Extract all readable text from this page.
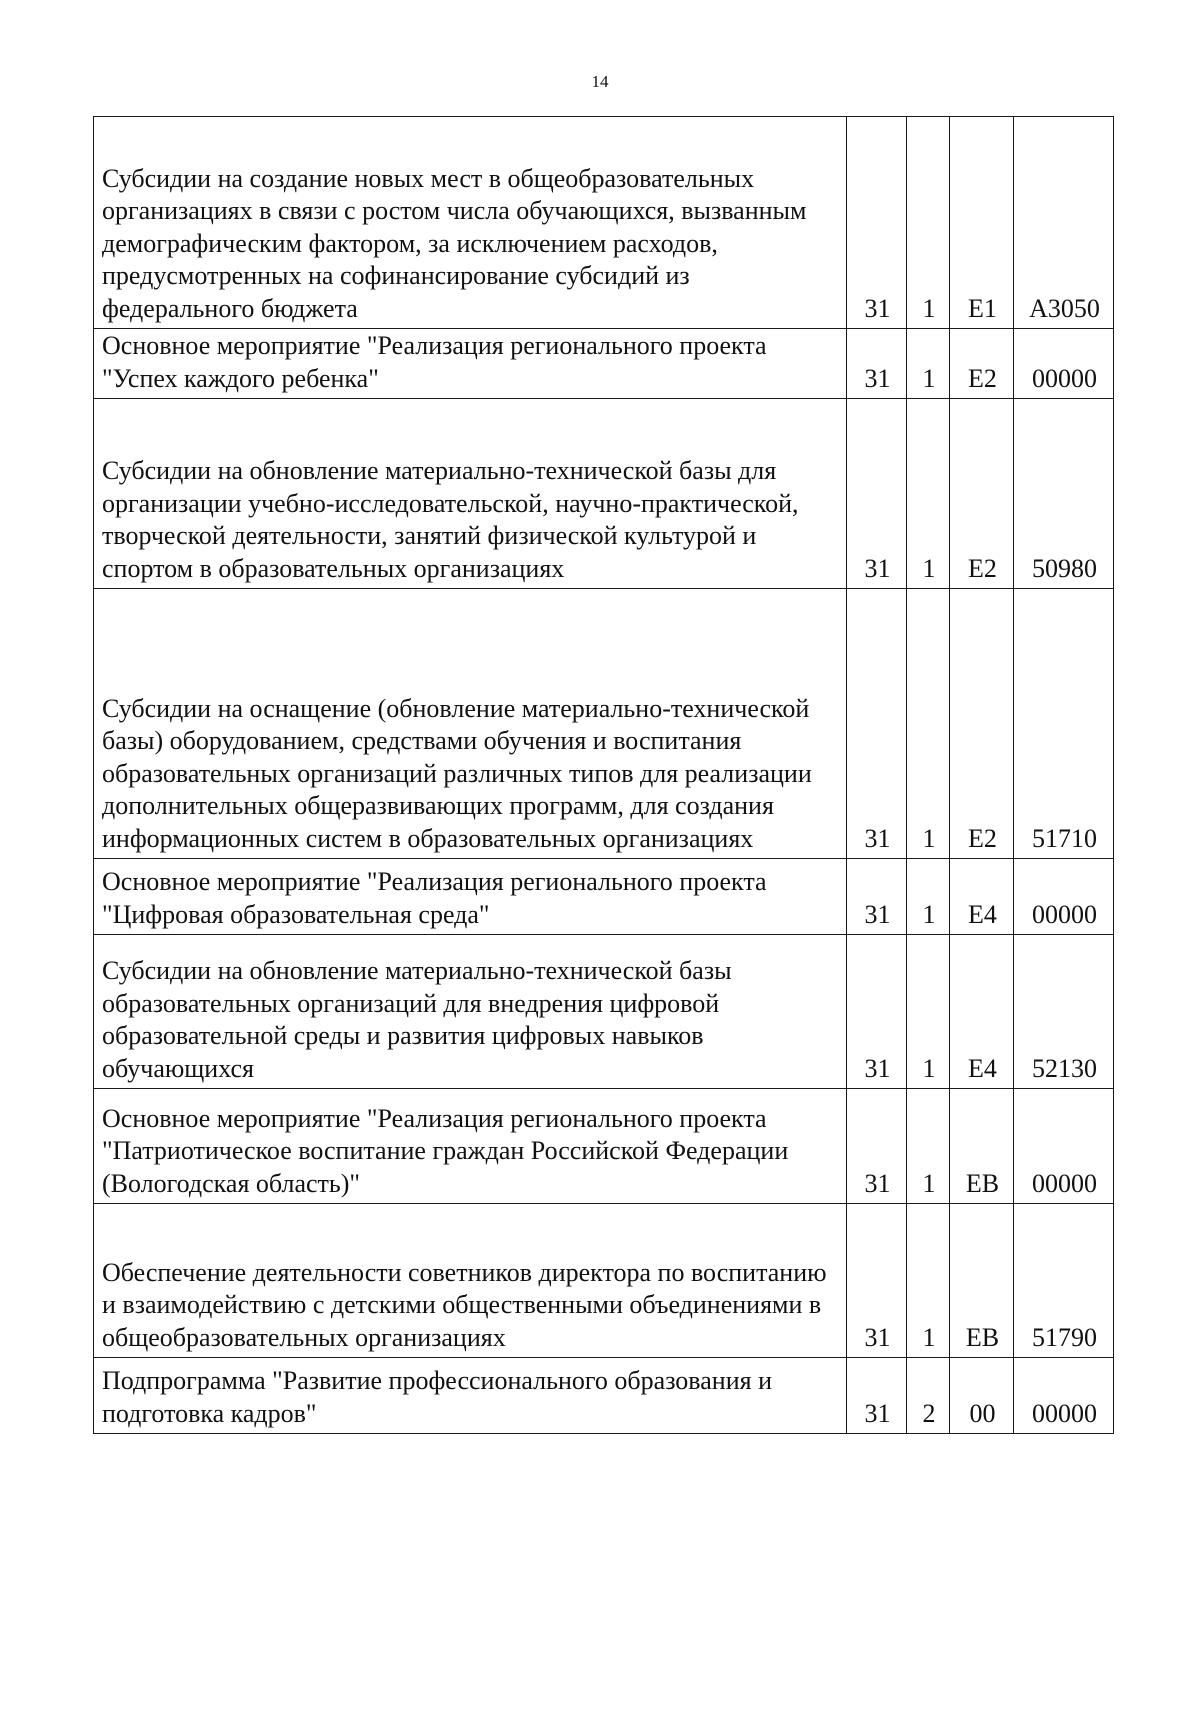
14
Субсидии на создание новых мест в общеобразовательных организациях в связи с ростом числа обучающихся, вызванным демографическим фактором, за исключением расходов, предусмотренных на софинансирование субсидий из федерального бюджета	31	1	E1	A3050
Основное мероприятие "Реализация регионального проекта "Успех каждого ребенка"	31	1	E2	00000
Субсидии на обновление материально-технической базы для организации учебно-исследовательской, научно-практической, творческой деятельности, занятий физической культурой и спортом в образовательных организациях	31	1	E2	50980
Субсидии на оснащение (обновление материально-технической базы) оборудованием, средствами обучения и воспитания образовательных организаций различных типов для реализации дополнительных общеразвивающих программ, для создания информационных систем в образовательных организациях	31	1	E2	51710
Основное мероприятие "Реализация регионального проекта "Цифровая образовательная среда"	31	1	E4	00000
Субсидии на обновление материально-технической базы образовательных организаций для внедрения цифровой образовательной среды и развития цифровых навыков обучающихся	31	1	E4	52130
Основное мероприятие "Реализация регионального проекта "Патриотическое воспитание граждан Российской Федерации (Вологодская область)"	31	1	EB	00000
Обеспечение деятельности советников директора по воспитанию и взаимодействию с детскими общественными объединениями в общеобразовательных организациях	31	1	EB	51790
Подпрограмма "Развитие профессионального образования и подготовка кадров"	31	2	00	00000
